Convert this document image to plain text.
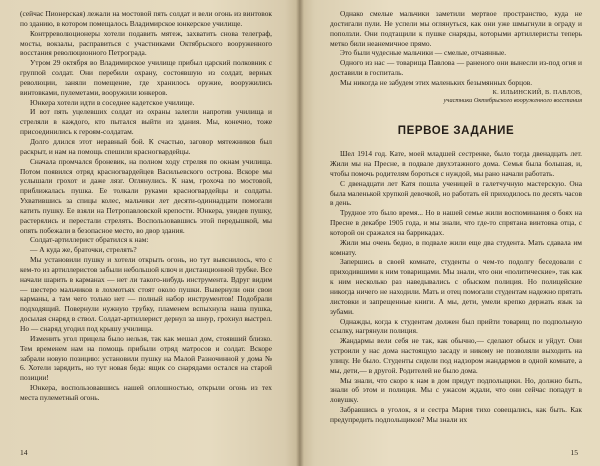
(сейчас Пионерская) лежали на мостовой пять солдат и вели огонь из винтовок по зданию, в котором помещалось Владимирское юнкерское училище.

Контрреволюционеры хотели подавить мятеж, захватить снова телеграф, мосты, вокзалы, расправиться с участниками Октябрьского вооруженного восстания революционного Петрограда.

Утром 29 октября во Владимирское училище прибыл царский полковник с группой солдат. Они перебили охрану, состоявшую из солдат, верных революции, заняли помещение, где хранилось оружие, вооружились винтовками, пулеметами, вооружили юнкеров.

Юнкера хотели идти в соседнее кадетское училище.

И вот пять уцелевших солдат из охраны залегли напротив училища и стреляли в каждого, кто пытался выйти из здания. Мы, конечно, тоже присоединились к героям-солдатам.

Долго длился этот неравный бой. К счастью, заговор мятежников был раскрыт, и нам на помощь спешили красногвардейцы.

Сначала промчался броневик, на полном ходу стреляя по окнам училища. Потом появился отряд красногвардейцев Васильевского острова. Вскоре мы услышали грохот и даже лязг. Оглянулись. К нам, грохоча по мостовой, приближалась пушка. Ее толкали руками красногвардейцы и солдаты. Ухватившись за спицы колес, мальчики лет десяти-одиннадцати помогали катить пушку. Ее взяли на Петропавловской крепости. Юнкера, увидев пушку, растерялись и перестали стрелять. Воспользовавшись этой передышкой, мы опять побежали в безопасное место, во двор здания.

Солдат-артиллерист обратился к нам:

— А куда же, браточки, стрелять?

Мы установили пушку и хотели открыть огонь, но тут выяснилось, что с кем-то из артиллеристов забыли небольшой ключ и дистанционной трубке. Все начали шарить в карманах — нет ли такого-нибудь инструмента. Вдруг видим — шестеро мальчиков в лохмотьях стоят около пушки. Вывернули они свои карманы, а там чего только нет — полный набор инструментов! Подобрали подходящий. Повернули нужную трубку, пламенем вспыхнула наша пушка, досылая снаряд в ствол. Солдат-артиллерист дернул за шнур, грохнул выстрел. Но — снаряд угодил под крышу училища.

Изменить угол прицела было нельзя, так как мешал дом, стоявший близко. Тем временем нам на помощь прибыли отряд матросов и солдат. Вскоре забрали новую позицию: установили пушку на Малой Разночинной у дома № 6. Хотели зарядить, но тут новая беда: ящик со снарядами остался на старой позиции!

Юнкера, воспользовавшись нашей оплошностью, открыли огонь из тех места пулеметный огонь.

14

Однако смелые мальчики заметили мертвое пространство, куда не достигали пули. Не успели мы оглянуться, как они уже шмыгнули в ограду и поползли. Они подтащили к пушке снаряды, которыми артиллеристы теперь метко били неанемичное прямо.

Это были чудесные мальчики — смелые, отчаянные.

Одного из нас — товарища Павлова — раненого они вынесли из-под огня и доставили в госпиталь.

Мы никогда не забудем этих маленьких безымянных борцов.

К. ИЛЬИНСКИЙ, В. ПАВЛОВ,
участники Октябрьского вооруженного восстания
ПЕРВОЕ ЗАДАНИЕ

Шел 1914 год. Кате, моей младшей сестренке, было тогда двенадцать лет. Жили мы на Пресне, в подвале двухэтажного дома. Семья была большая, и, чтобы помочь родителям бороться с нуждой, мы рано начали работать.

С двенадцати лет Катя пошла ученицей в галетчучную мастерскую. Она была маленькой хрупкой девочкой, но работать ей приходилось по десять часов в день.

Трудное это было время... Но в нашей семье жили воспоминания о боях на Пресне в декабре 1905 года, и мы знали, что где-то спрятана винтовка отца, с которой он сражался на баррикадах.

Жили мы очень бедно, в подвале жили еще два студента. Мать сдавала им комнату.

Запершись в своей комнате, студенты о чем-то подолгу беседовали с приходившими к ним товарищами. Мы знали, что они «политические», так как к ним несколько раз наведывались с обыском полиция. Но полицейские никогда ничего не находили. Мать и отец помогали студентам надежно прятать листовки и запрещенные книги. А мы, дети, умели крепко держать язык за зубами.

Однажды, когда к студентам должен был прийти товарищ по подпольную ссылку, нагрянули полиция.

Жандармы вели себя не так, как обычно,— сделают обыск и уйдут. Они устроили у нас дома настоящую засаду и никому не позволяли выходить на улицу. Не было. Студенты сидели под надзором жандармов в одной комнате, а мы, дети,— в другой. Родителей не было дома.

Мы знали, что скоро к нам в дом придут подпольщики. Но, должно быть, знали об этом и полиция. Мы с ужасом ждали, что они сейчас попадут в ловушку.

Забравшись в уголок, я и сестра Мария тихо совещались, как быть. Как предупредить подпольщиков? Мы знали их

15
